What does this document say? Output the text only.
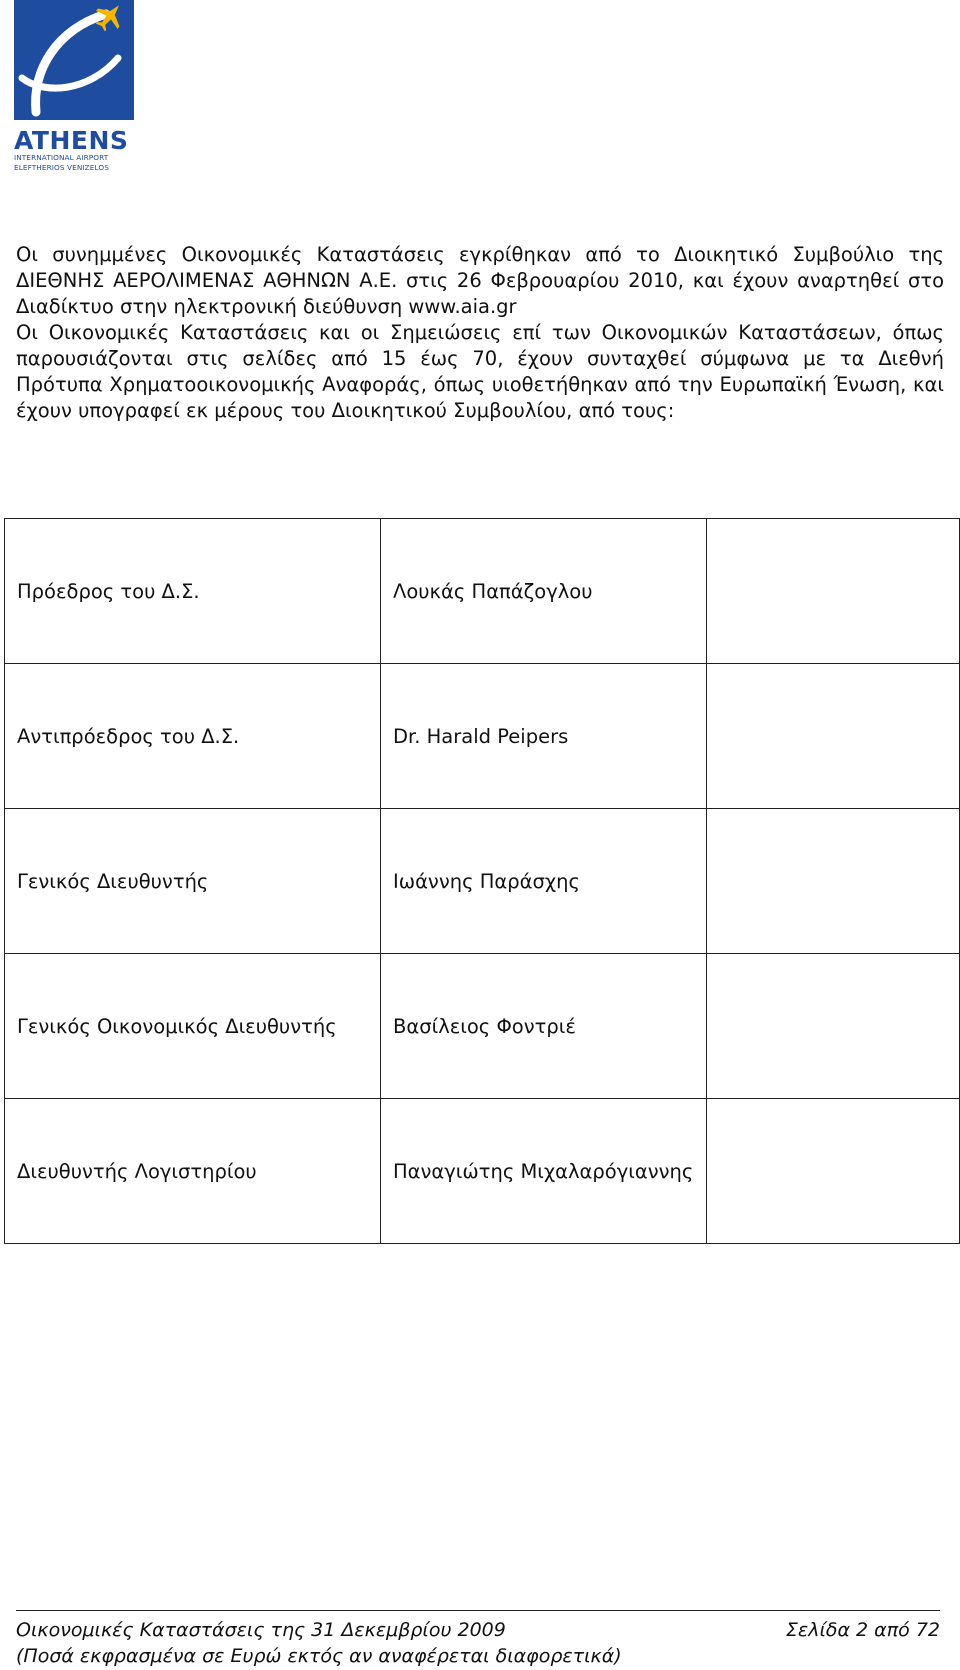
ATHENS
INTERNATIONAL AIRPORT
ELEFTHERIOS VENIZELOS

Οι συνημμένες Οικονομικές Καταστάσεις εγκρίθηκαν από το Διοικητικό Συμβούλιο της ΔΙΕΘΝΗΣ ΑΕΡΟΛΙΜΕΝΑΣ ΑΘΗΝΩΝ Α.Ε. στις 26 Φεβρουαρίου 2010, και έχουν αναρτηθεί στο Διαδίκτυο στην ηλεκτρονική διεύθυνση www.aia.gr

Οι Οικονομικές Καταστάσεις και οι Σημειώσεις επί των Οικονομικών Καταστάσεων, όπως παρουσιάζονται στις σελίδες από 15 έως 70, έχουν συνταχθεί σύμφωνα με τα Διεθνή Πρότυπα Χρηματοοικονομικής Αναφοράς, όπως υιοθετήθηκαν από την Ευρωπαϊκή Ένωση, και έχουν υπογραφεί εκ μέρους του Διοικητικού Συμβουλίου, από τους:

Πρόεδρος του Δ.Σ.	Λουκάς Παπάζογλου	
Αντιπρόεδρος του Δ.Σ.	Dr. Harald Peipers	
Γενικός Διευθυντής	Ιωάννης Παράσχης	
Γενικός Οικονομικός Διευθυντής	Βασίλειος Φοντριέ	
Διευθυντής Λογιστηρίου	Παναγιώτης Μιχαλαρόγιαννης	
Οικονομικές Καταστάσεις της 31 Δεκεμβρίου 2009	Σελίδα 2 από 72
(Ποσά εκφρασμένα σε Ευρώ εκτός αν αναφέρεται διαφορετικά)
